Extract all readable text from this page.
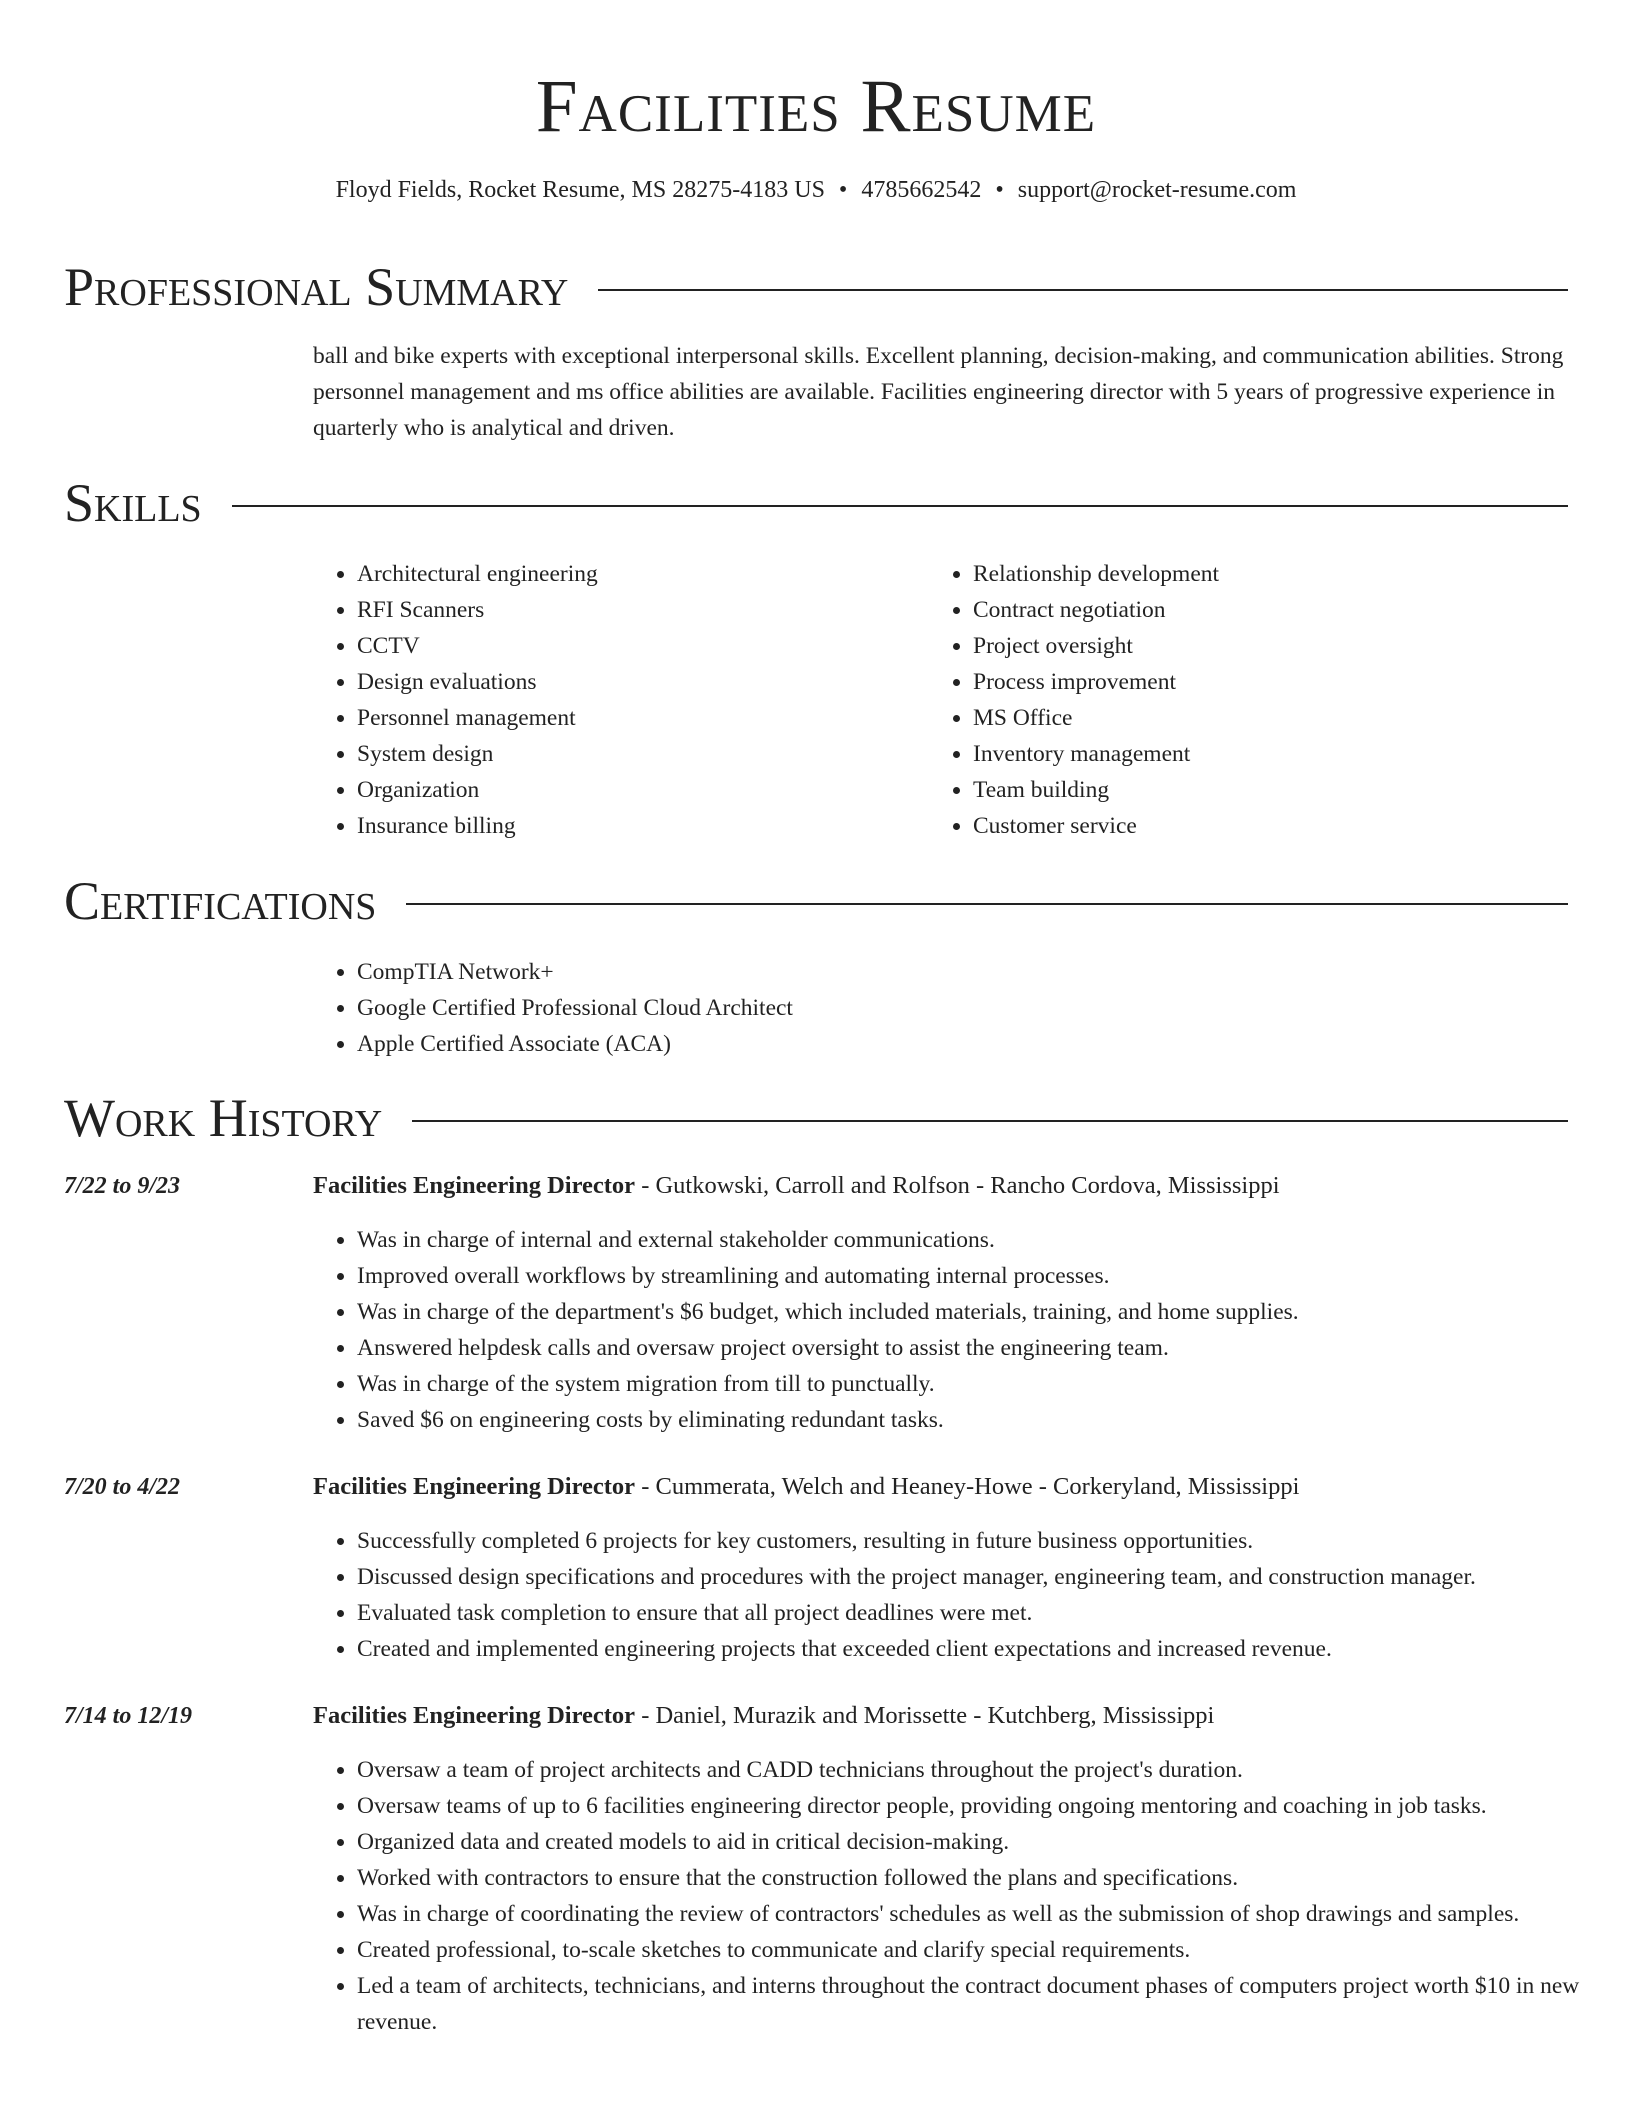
Facilities Resume
Floyd Fields, Rocket Resume, MS 28275-4183 US • 4785662542 • support@rocket-resume.com
Professional Summary
ball and bike experts with exceptional interpersonal skills. Excellent planning, decision-making, and communication abilities. Strong personnel management and ms office abilities are available. Facilities engineering director with 5 years of progressive experience in quarterly who is analytical and driven.
Skills
• Architectural engineering
• RFI Scanners
• CCTV
• Design evaluations
• Personnel management
• System design
• Organization
• Insurance billing
• Relationship development
• Contract negotiation
• Project oversight
• Process improvement
• MS Office
• Inventory management
• Team building
• Customer service
Certifications
• CompTIA Network+
• Google Certified Professional Cloud Architect
• Apple Certified Associate (ACA)
Work History
7/22 to 9/23	Facilities Engineering Director - Gutkowski, Carroll and Rolfson - Rancho Cordova, Mississippi
• Was in charge of internal and external stakeholder communications.
• Improved overall workflows by streamlining and automating internal processes.
• Was in charge of the department's $6 budget, which included materials, training, and home supplies.
• Answered helpdesk calls and oversaw project oversight to assist the engineering team.
• Was in charge of the system migration from till to punctually.
• Saved $6 on engineering costs by eliminating redundant tasks.
7/20 to 4/22	Facilities Engineering Director - Cummerata, Welch and Heaney-Howe - Corkeryland, Mississippi
• Successfully completed 6 projects for key customers, resulting in future business opportunities.
• Discussed design specifications and procedures with the project manager, engineering team, and construction manager.
• Evaluated task completion to ensure that all project deadlines were met.
• Created and implemented engineering projects that exceeded client expectations and increased revenue.
7/14 to 12/19	Facilities Engineering Director - Daniel, Murazik and Morissette - Kutchberg, Mississippi
• Oversaw a team of project architects and CADD technicians throughout the project's duration.
• Oversaw teams of up to 6 facilities engineering director people, providing ongoing mentoring and coaching in job tasks.
• Organized data and created models to aid in critical decision-making.
• Worked with contractors to ensure that the construction followed the plans and specifications.
• Was in charge of coordinating the review of contractors' schedules as well as the submission of shop drawings and samples.
• Created professional, to-scale sketches to communicate and clarify special requirements.
• Led a team of architects, technicians, and interns throughout the contract document phases of computers project worth $10 in new revenue.
